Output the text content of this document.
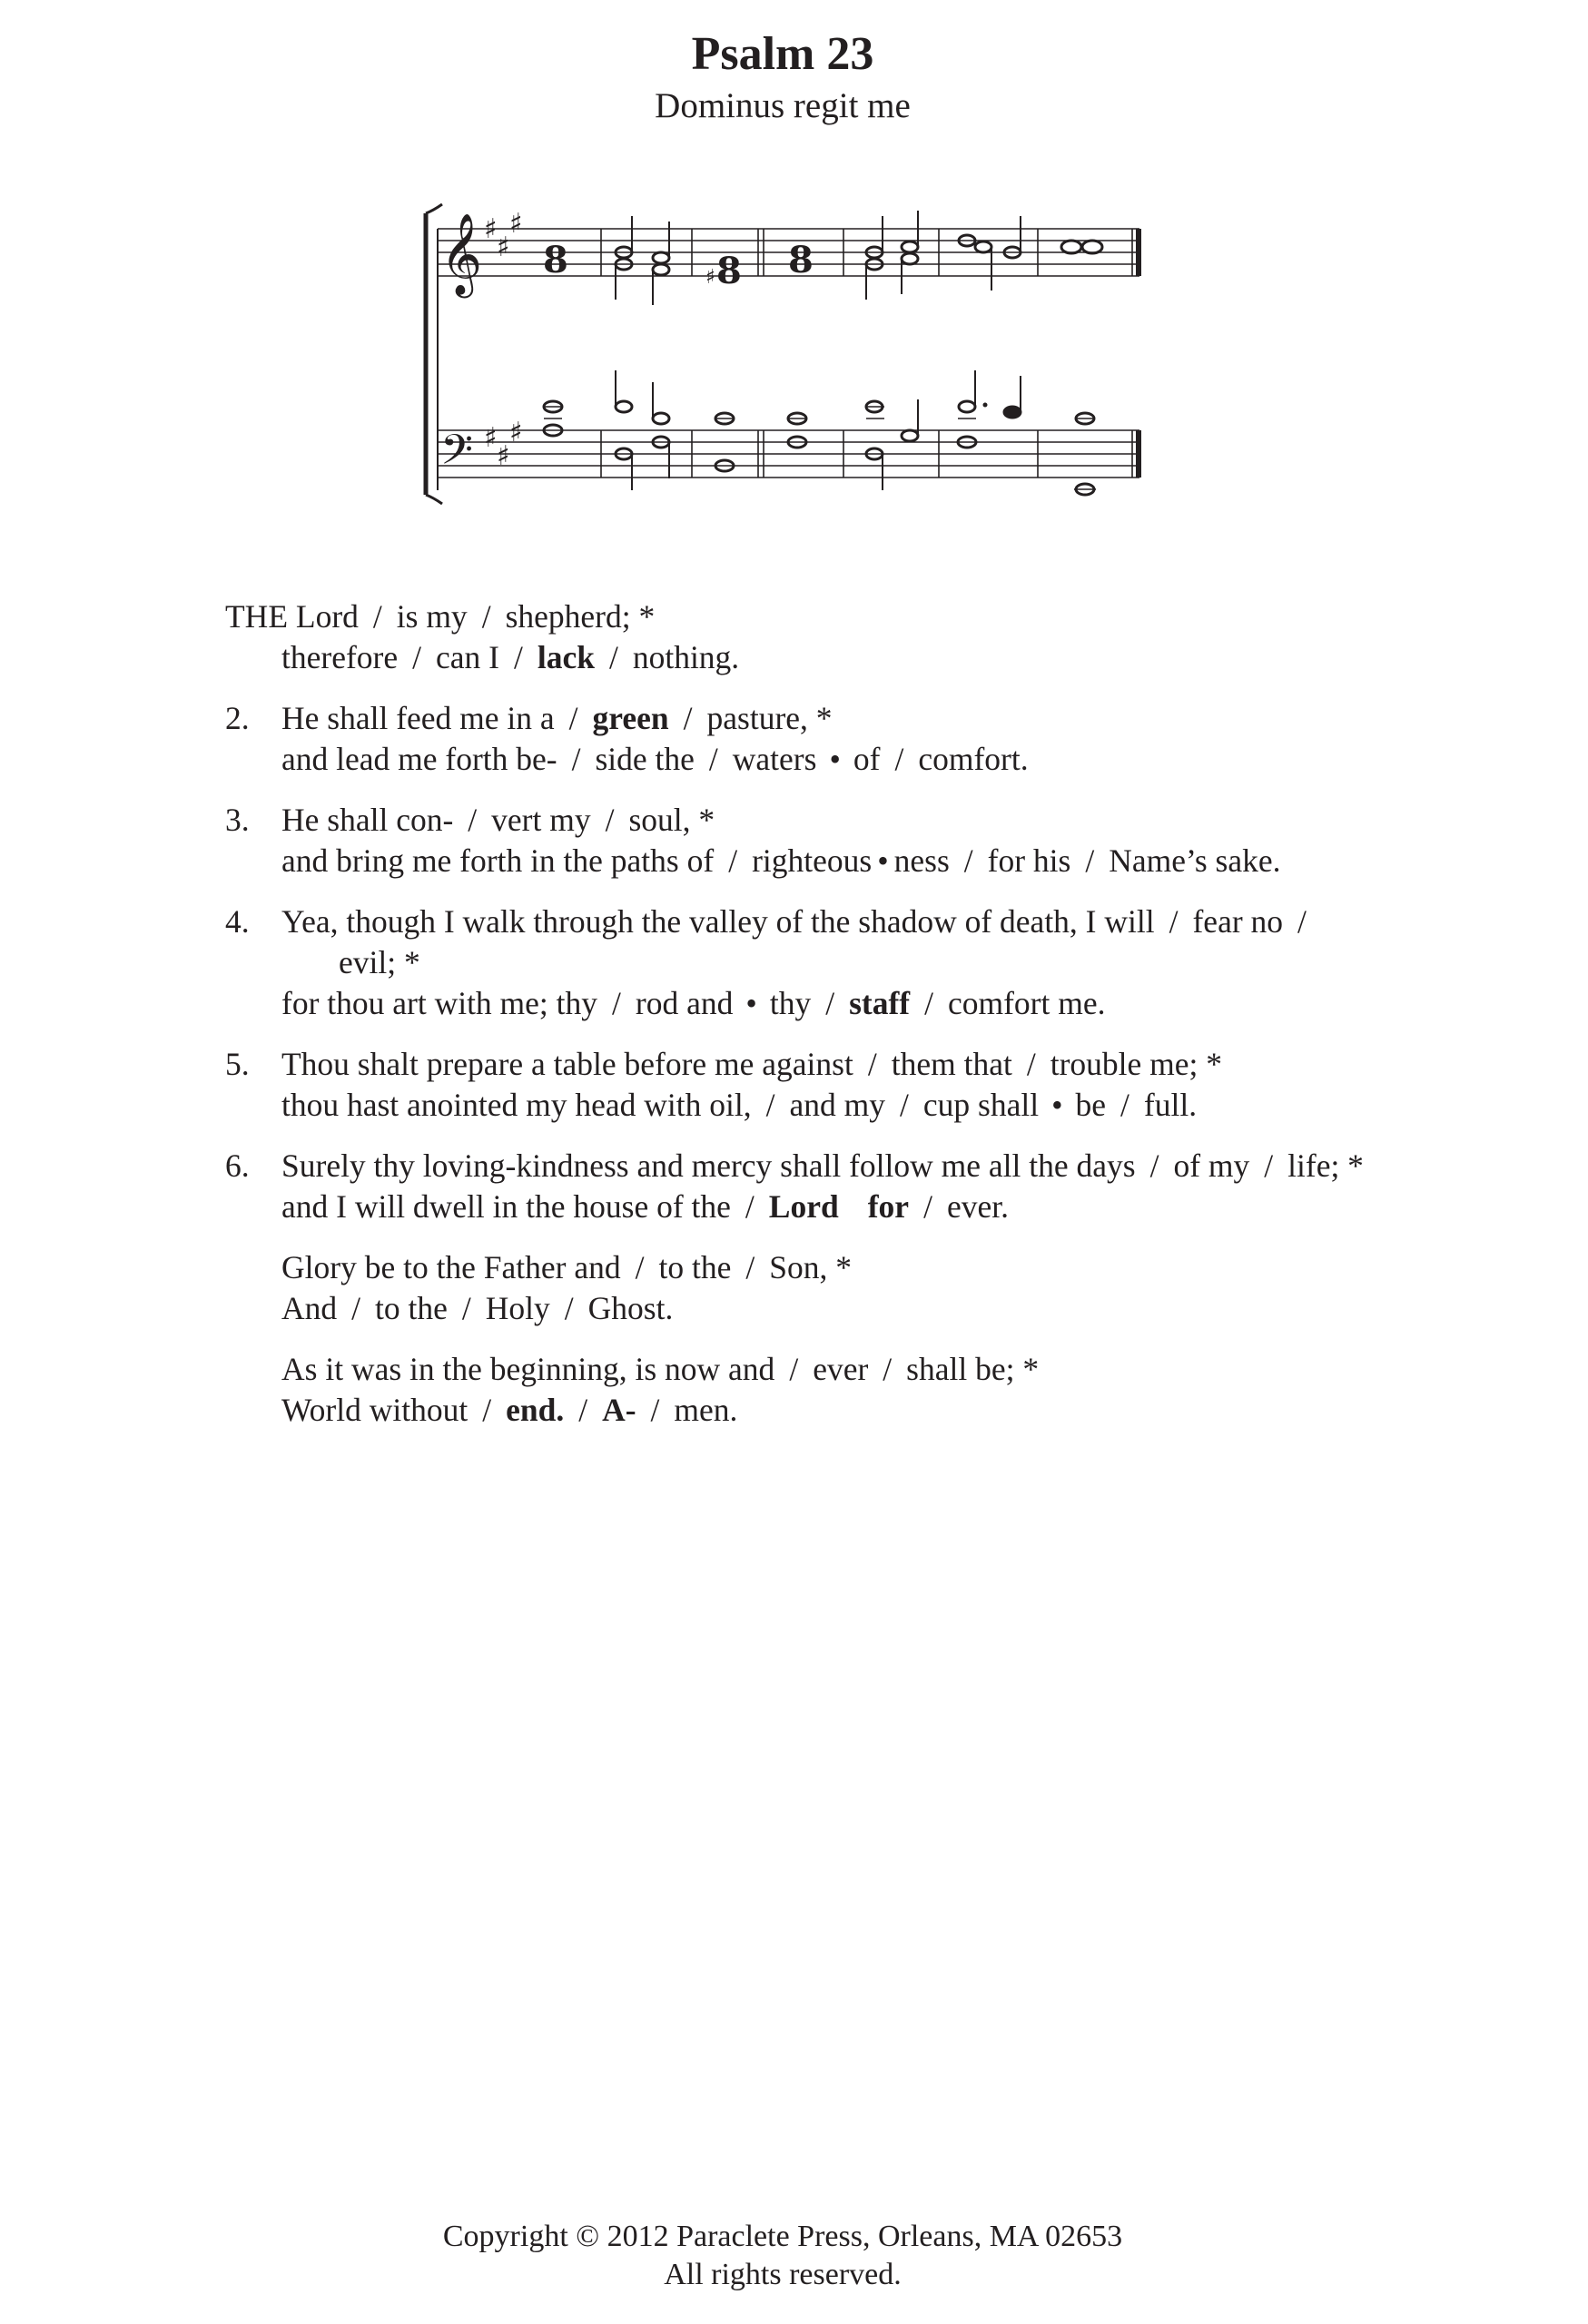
Psalm 23
Dominus regit me
𝄞
𝄢
♯
♯
♯
♯
♯
♯
8	♯ 8 8
THE Lord / is my / shepherd; *
therefore / can I / lack / nothing.
2. He shall feed me in a / green / pasture, *
and lead me forth be- / side the / waters • of / comfort.
3. He shall con- / vert my / soul, *
and bring me forth in the paths of / righteous • ness / for his / Name’s sake.
4. Yea, though I walk through the valley of the shadow of death, I will / fear no /
evil; *
for thou art with me; thy / rod and • thy / staff / comfort me.
5. Thou shalt prepare a table before me against / them that / trouble me; *
thou hast anointed my head with oil, / and my / cup shall • be / full.
6. Surely thy loving-kindness and mercy shall follow me all the days / of my / life; *
and I will dwell in the house of the / Lord for / ever.
Glory be to the Father and / to the / Son, *
And / to the / Holy / Ghost.
As it was in the beginning, is now and / ever / shall be; *
World without / end. / A- / men.
Copyright © 2012 Paraclete Press, Orleans, MA 02653
All rights reserved.
